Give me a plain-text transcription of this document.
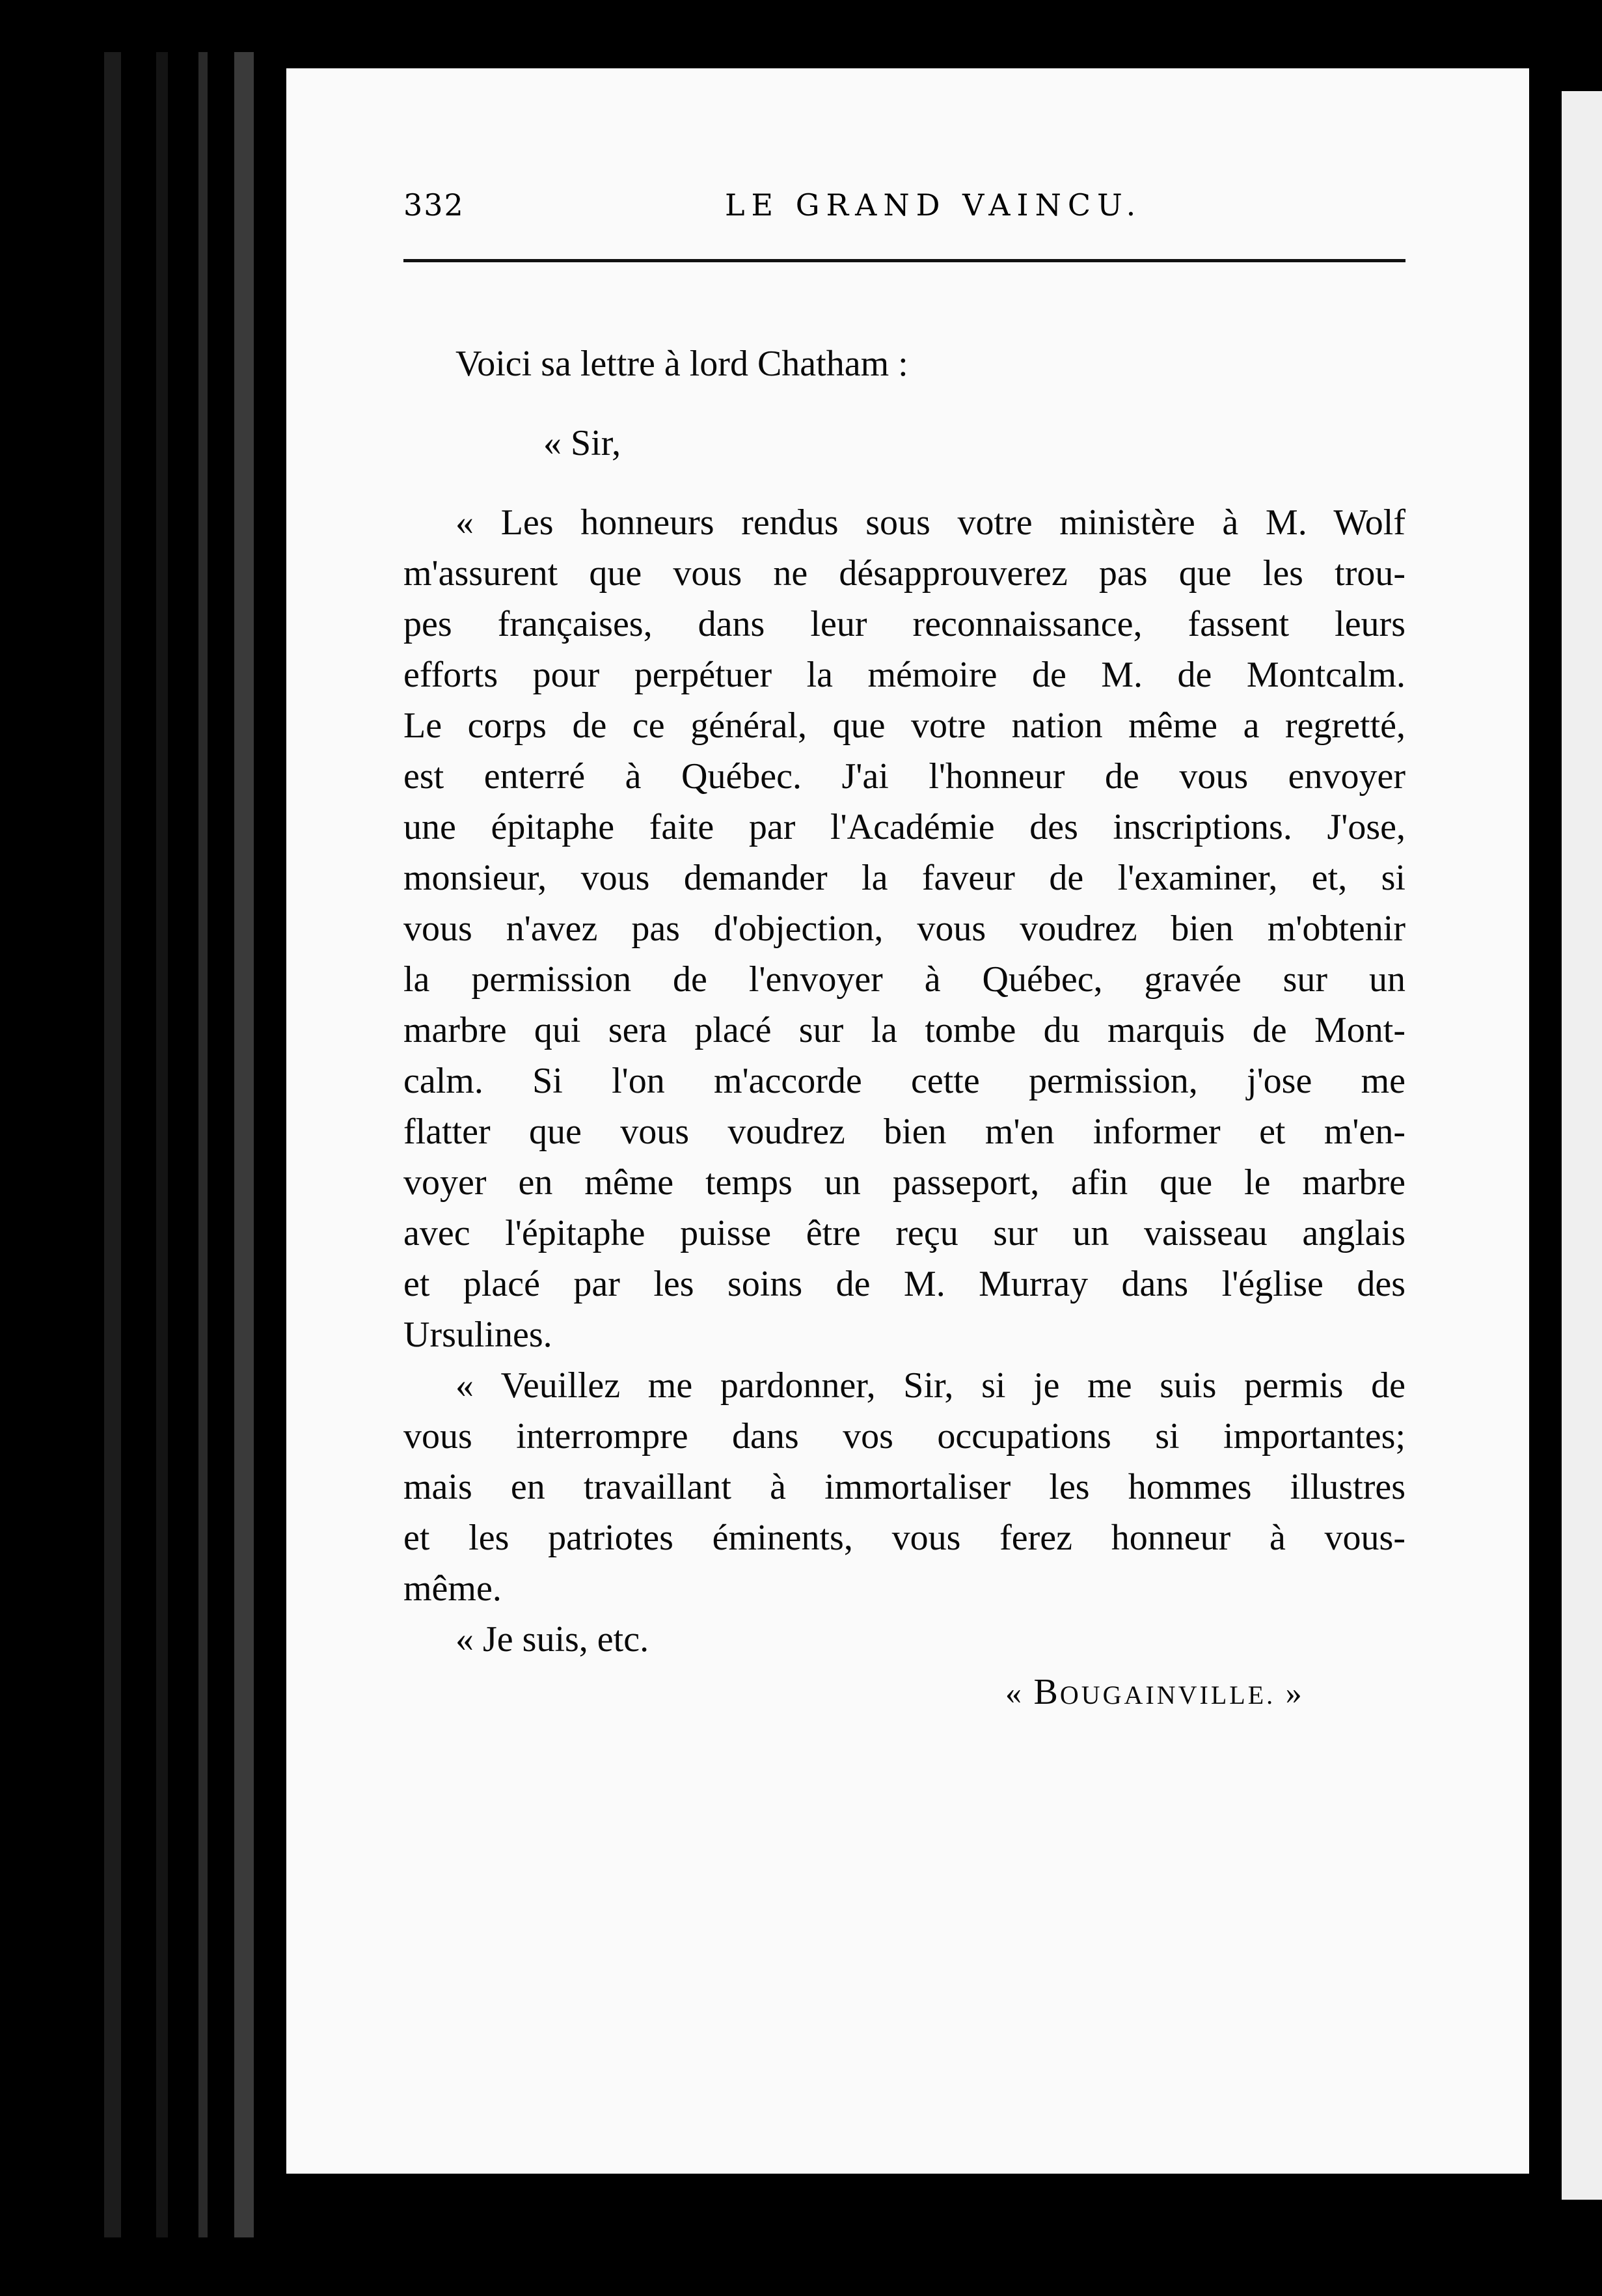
332	LE GRAND VAINCU.
Voici sa lettre à lord Chatham :
« Sir,
« Les honneurs rendus sous votre ministère à M. Wolf
m'assurent que vous ne désapprouverez pas que les trou-
pes françaises, dans leur reconnaissance, fassent leurs
efforts pour perpétuer la mémoire de M. de Montcalm.
Le corps de ce général, que votre nation même a regretté,
est enterré à Québec. J'ai l'honneur de vous envoyer
une épitaphe faite par l'Académie des inscriptions. J'ose,
monsieur, vous demander la faveur de l'examiner, et, si
vous n'avez pas d'objection, vous voudrez bien m'obtenir
la permission de l'envoyer à Québec, gravée sur un
marbre qui sera placé sur la tombe du marquis de Mont-
calm. Si l'on m'accorde cette permission, j'ose me
flatter que vous voudrez bien m'en informer et m'en-
voyer en même temps un passeport, afin que le marbre
avec l'épitaphe puisse être reçu sur un vaisseau anglais
et placé par les soins de M. Murray dans l'église des
Ursulines.
« Veuillez me pardonner, Sir, si je me suis permis de
vous interrompre dans vos occupations si importantes;
mais en travaillant à immortaliser les hommes illustres
et les patriotes éminents, vous ferez honneur à vous-
même.
« Je suis, etc.
« BOUGAINVILLE. »
